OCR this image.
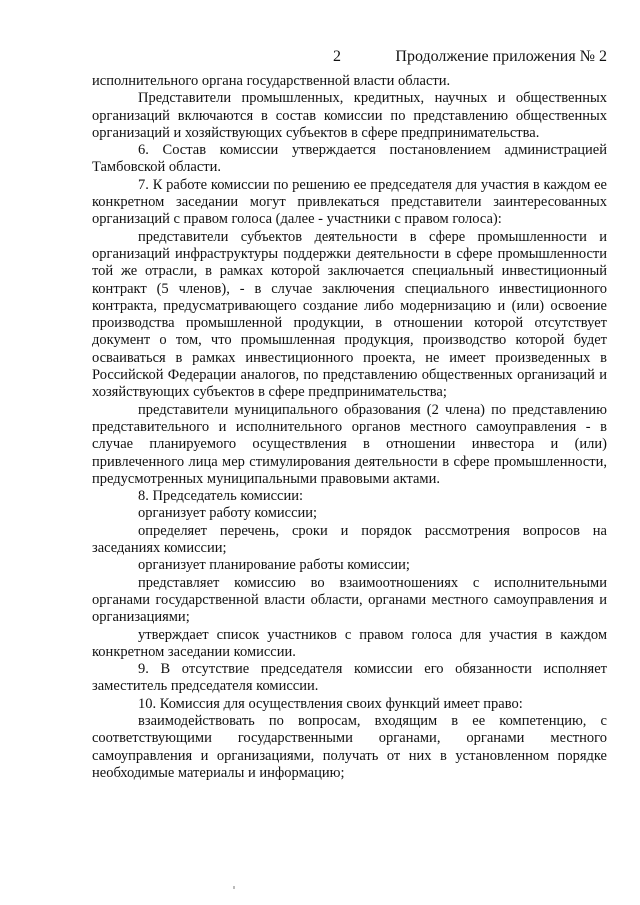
2	Продолжение приложения № 2

исполнительного органа государственной власти области.

Представители промышленных, кредитных, научных и общественных организаций включаются в состав комиссии по представлению общественных организаций и хозяйствующих субъектов в сфере предпринимательства.

6. Состав комиссии утверждается постановлением администрацией Тамбовской области.

7. К работе комиссии по решению ее председателя для участия в каждом ее конкретном заседании могут привлекаться представители заинтересованных организаций с правом голоса (далее - участники с правом голоса):

представители субъектов деятельности в сфере промышленности и организаций инфраструктуры поддержки деятельности в сфере промышленности той же отрасли, в рамках которой заключается специальный инвестиционный контракт (5 членов), - в случае заключения специального инвестиционного контракта, предусматривающего создание либо модернизацию и (или) освоение производства промышленной продукции, в отношении которой отсутствует документ о том, что промышленная продукция, производство которой будет осваиваться в рамках инвестиционного проекта, не имеет произведенных в Российской Федерации аналогов, по представлению общественных организаций и хозяйствующих субъектов в сфере предпринимательства;

представители муниципального образования (2 члена) по представлению представительного и исполнительного органов местного самоуправления - в случае планируемого осуществления в отношении инвестора и (или) привлеченного лица мер стимулирования деятельности в сфере промышленности, предусмотренных муниципальными правовыми актами.

8. Председатель комиссии:

организует работу комиссии;

определяет перечень, сроки и порядок рассмотрения вопросов на заседаниях комиссии;

организует планирование работы комиссии;

представляет комиссию во взаимоотношениях с исполнительными органами государственной власти области, органами местного самоуправления и организациями;

утверждает список участников с правом голоса для участия в каждом конкретном заседании комиссии.

9. В отсутствие председателя комиссии его обязанности исполняет заместитель председателя комиссии.

10. Комиссия для осуществления своих функций имеет право:

взаимодействовать по вопросам, входящим в ее компетенцию, с соответствующими государственными органами, органами местного самоуправления и организациями, получать от них в установленном порядке необходимые материалы и информацию;
